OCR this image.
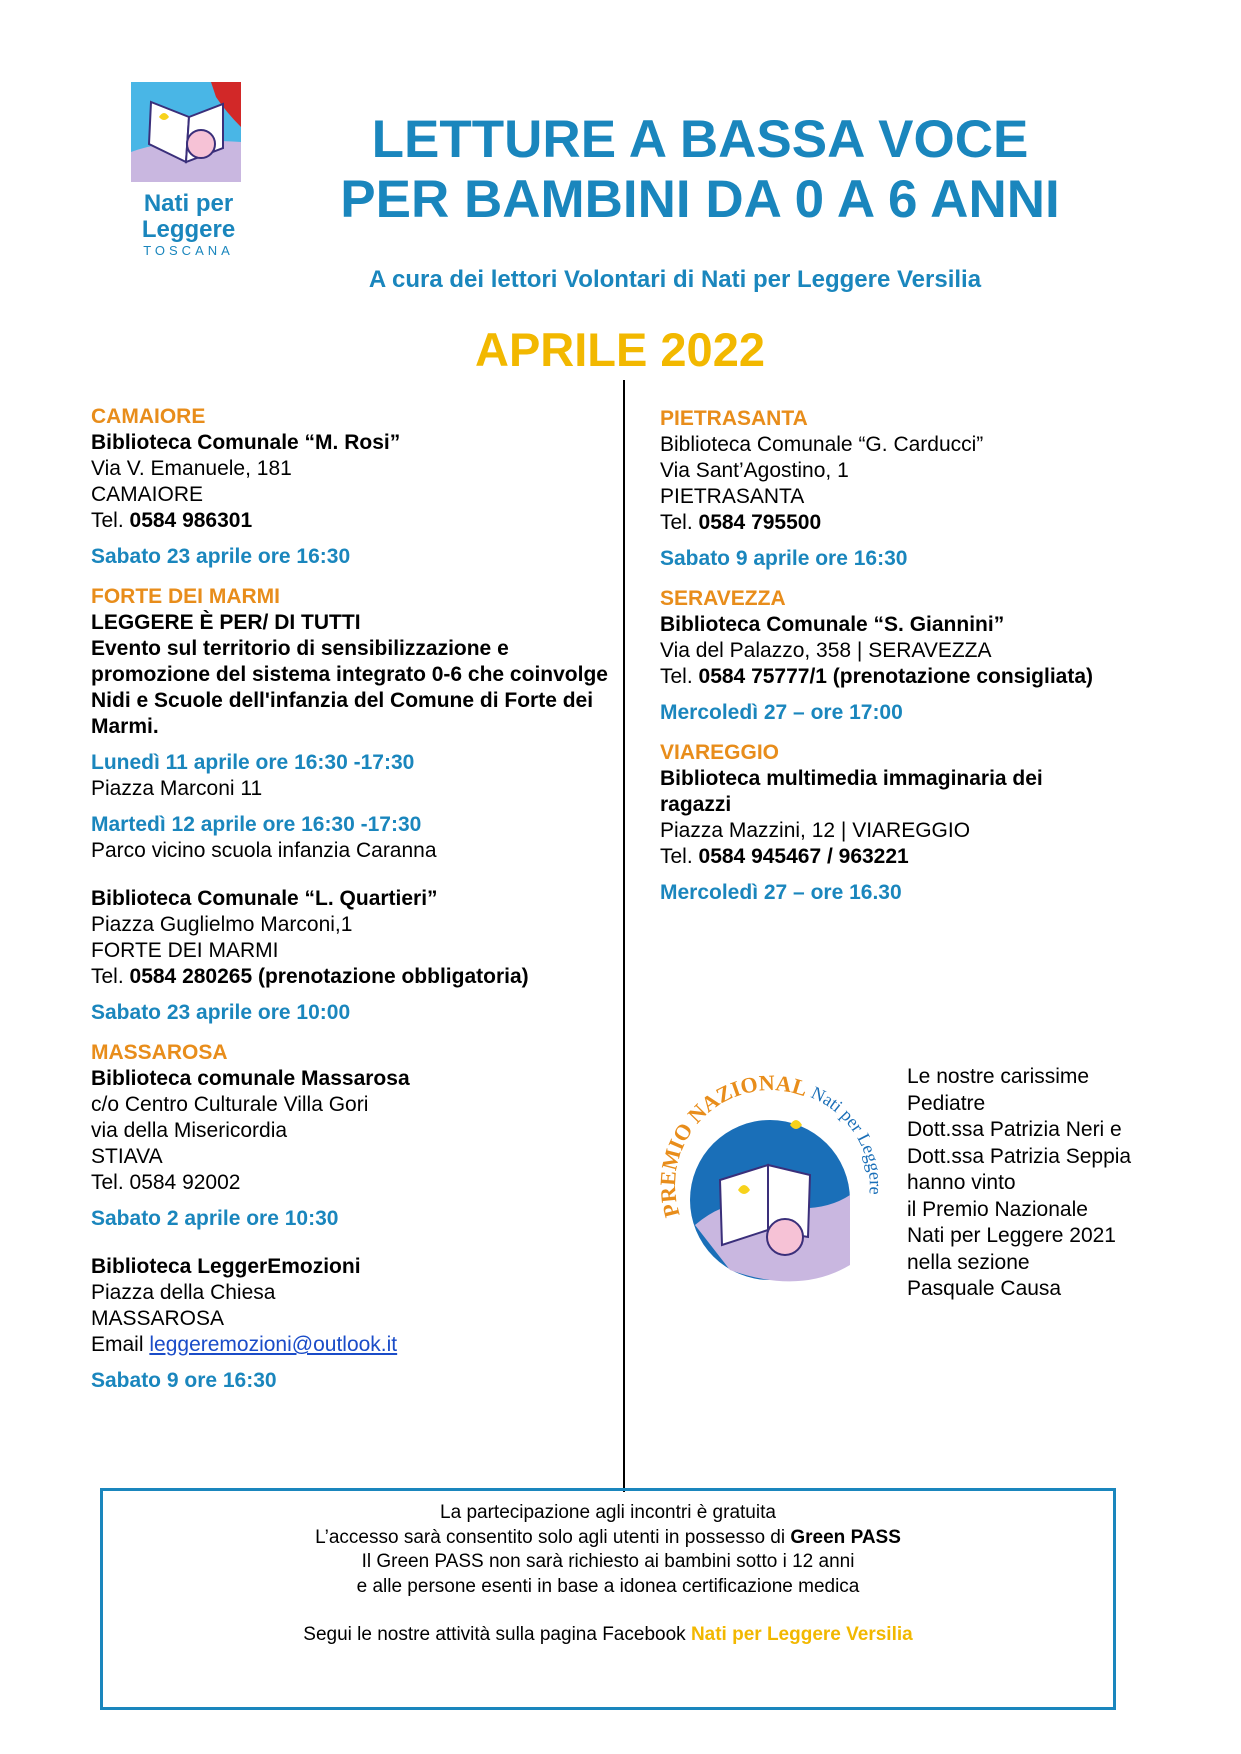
Nati per
Leggere
TOSCANA
LETTURE A BASSA VOCE
PER BAMBINI DA 0 A 6 ANNI
A cura dei lettori Volontari di Nati per Leggere Versilia
APRILE 2022
CAMAIORE
Biblioteca Comunale “M. Rosi”
Via V. Emanuele, 181
CAMAIORE
Tel. 0584 986301
Sabato 23 aprile ore 16:30
FORTE DEI MARMI
LEGGERE È PER/ DI TUTTI
Evento sul territorio di sensibilizzazione e promozione del sistema integrato 0-6 che coinvolge Nidi e Scuole dell'infanzia del Comune di Forte dei Marmi.
Lunedì 11 aprile ore 16:30 -17:30
Piazza Marconi 11
Martedì 12 aprile ore 16:30 -17:30
Parco vicino scuola infanzia Caranna
Biblioteca Comunale “L. Quartieri”
Piazza Guglielmo Marconi,1
FORTE DEI MARMI
Tel. 0584 280265 (prenotazione obbligatoria)
Sabato 23 aprile ore 10:00
MASSAROSA
Biblioteca comunale Massarosa
c/o Centro Culturale Villa Gori
via della Misericordia
STIAVA
Tel. 0584 92002
Sabato 2 aprile ore 10:30
Biblioteca LeggerEmozioni
Piazza della Chiesa
MASSAROSA
Email leggeremozioni@outlook.it
Sabato 9 ore 16:30
PIETRASANTA
Biblioteca Comunale “G. Carducci”
Via Sant’Agostino, 1
PIETRASANTA
Tel. 0584 795500
Sabato 9 aprile ore 16:30
SERAVEZZA
Biblioteca Comunale “S. Giannini”
Via del Palazzo, 358 | SERAVEZZA
Tel. 0584 75777/1 (prenotazione consigliata)
Mercoledì 27 – ore 17:00
VIAREGGIO
Biblioteca multimedia immaginaria dei ragazzi
Piazza Mazzini, 12 | VIAREGGIO
Tel. 0584 945467 / 963221
Mercoledì 27 – ore 16.30
PREMIO NAZIONAL
Nati per Leggere
Le nostre carissime
Pediatre
Dott.ssa Patrizia Neri e
Dott.ssa Patrizia Seppia
hanno vinto
il Premio Nazionale
Nati per Leggere 2021
nella sezione
Pasquale Causa
La partecipazione agli incontri è gratuita
L’accesso sarà consentito solo agli utenti in possesso di Green PASS
Il Green PASS non sarà richiesto ai bambini sotto i 12 anni
e alle persone esenti in base a idonea certificazione medica
Segui le nostre attività sulla pagina Facebook Nati per Leggere Versilia
